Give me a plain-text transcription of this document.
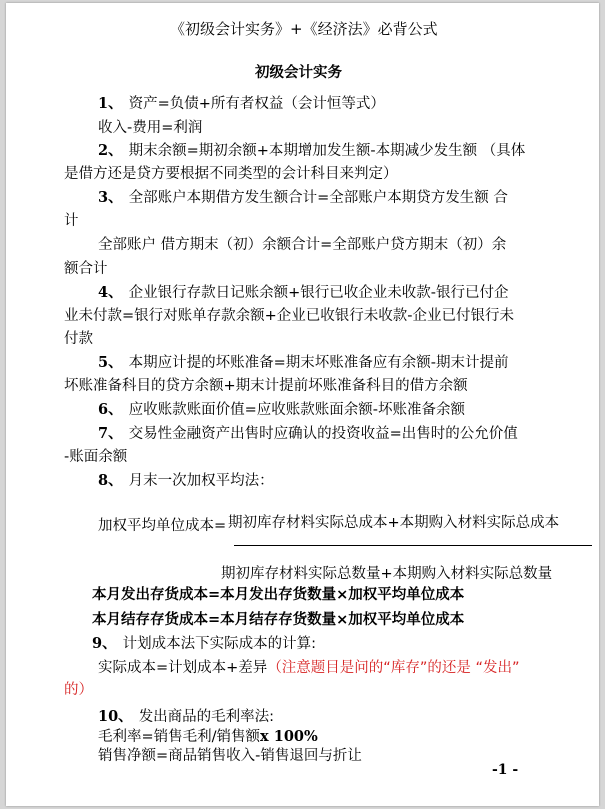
《初级会计实务》+《经济法》必背公式
初级会计实务
1、 资产=负债+所有者权益（会计恒等式）
收入-费用=利润
2、 期末余额=期初余额+本期增加发生额-本期减少发生额 （具体
是借方还是贷方要根据不同类型的会计科目来判定）
3、 全部账户本期借方发生额合计=全部账户本期贷方发生额 合
计
全部账户 借方期末（初）余额合计=全部账户贷方期末（初）余
额合计
4、 企业银行存款日记账余额+银行已收企业未收款-银行已付企
业未付款=银行对账单存款余额+企业已收银行未收款-企业已付银行未
付款
5、 本期应计提的坏账准备=期末坏账准备应有余额-期末计提前
坏账准备科目的贷方余额+期末计提前坏账准备科目的借方余额
6、 应收账款账面价值=应收账款账面余额-坏账准备余额
7、 交易性金融资产出售时应确认的投资收益=出售时的公允价值
-账面余额
8、 月末一次加权平均法：
加权平均单位成本= 期初库存材料实际总成本+本期购入材料实际总成本
期初库存材料实际总数量+本期购入材料实际总数量
本月发出存货成本=本月发出存货数量×加权平均单位成本
本月结存存货成本=本月结存存货数量×加权平均单位成本
9、 计划成本法下实际成本的计算:
实际成本=计划成本+差异（注意题目是问的“库存”的还是 “发出”
的）
10、 发出商品的毛利率法:
毛利率=销售毛利/销售额x 100%
销售净额=商品销售收入-销售退回与折让
-1 -
